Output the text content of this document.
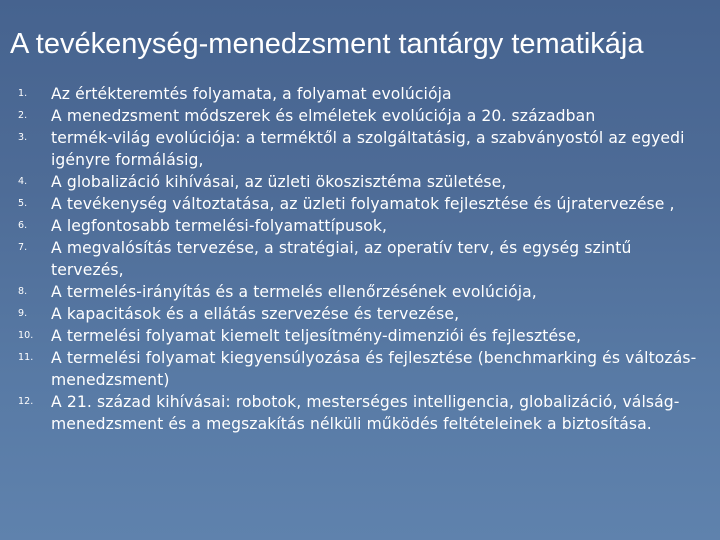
A tevékenység-menedzsment tantárgy tematikája
1.	Az értékteremtés folyamata, a folyamat evolúciója
2.	A menedzsment módszerek és elméletek evolúciója a 20. században
3.	termék-világ evolúciója: a terméktől a szolgáltatásig, a szabványostól az egyedi igényre formálásig,
4.	A globalizáció kihívásai, az üzleti ökoszisztéma születése,
5.	A tevékenység változtatása, az üzleti folyamatok fejlesztése és újratervezése ,
6.	A legfontosabb termelési-folyamattípusok,
7.	A megvalósítás tervezése, a stratégiai, az operatív terv, és egység szintű tervezés,
8.	A termelés-irányítás és a termelés ellenőrzésének evolúciója,
9.	A kapacitások és a ellátás szervezése és tervezése,
10.	A termelési folyamat kiemelt teljesítmény-dimenziói és fejlesztése,
11.	A termelési folyamat kiegyensúlyozása és fejlesztése (benchmarking és változás-menedzsment)
12.	A 21. század kihívásai: robotok, mesterséges intelligencia, globalizáció, válság-menedzsment és a megszakítás nélküli működés feltételeinek a biztosítása.
